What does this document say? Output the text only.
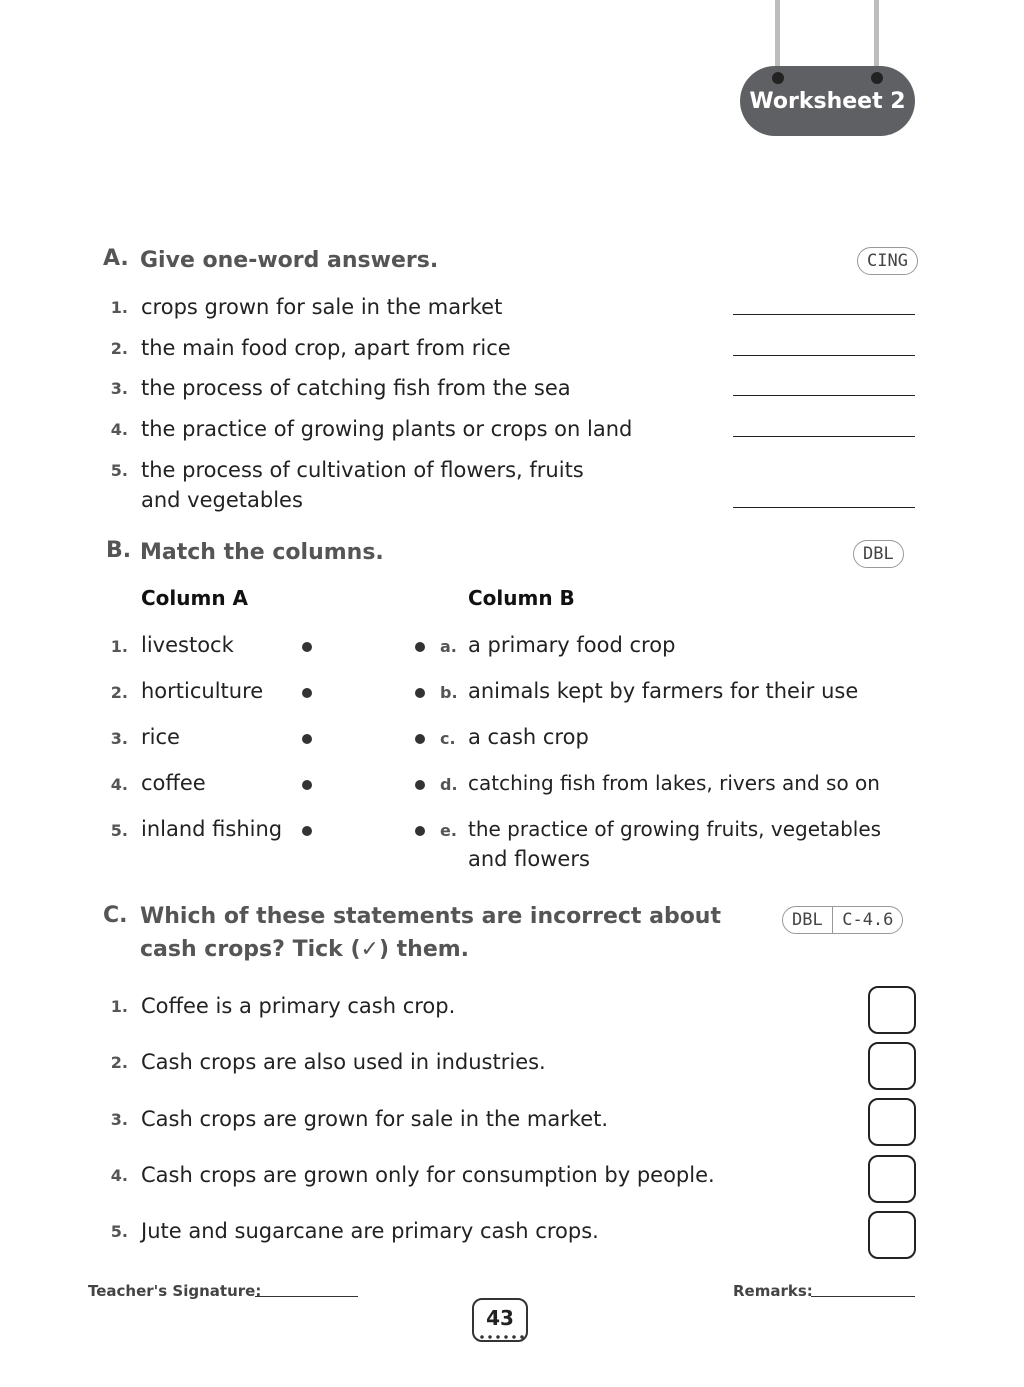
Worksheet 2
A. Give one-word answers.	CING
1. crops grown for sale in the market
2. the main food crop, apart from rice
3. the process of catching fish from the sea
4. the practice of growing plants or crops on land
5. the process of cultivation of flowers, fruits
and vegetables
B. Match the columns.	DBL
Column A	Column B
1. livestock	a. a primary food crop
2. horticulture	b. animals kept by farmers for their use
3. rice	c. a cash crop
4. coffee	d. catching fish from lakes, rivers and so on
5. inland fishing	e. the practice of growing fruits, vegetables
and flowers
C. Which of these statements are incorrect about
cash crops? Tick (✓) them.
DBL	C-4.6
1. Coffee is a primary cash crop.
2. Cash crops are also used in industries.
3. Cash crops are grown for sale in the market.
4. Cash crops are grown only for consumption by people.
5. Jute and sugarcane are primary cash crops.
Teacher's Signature:	Remarks:
43
